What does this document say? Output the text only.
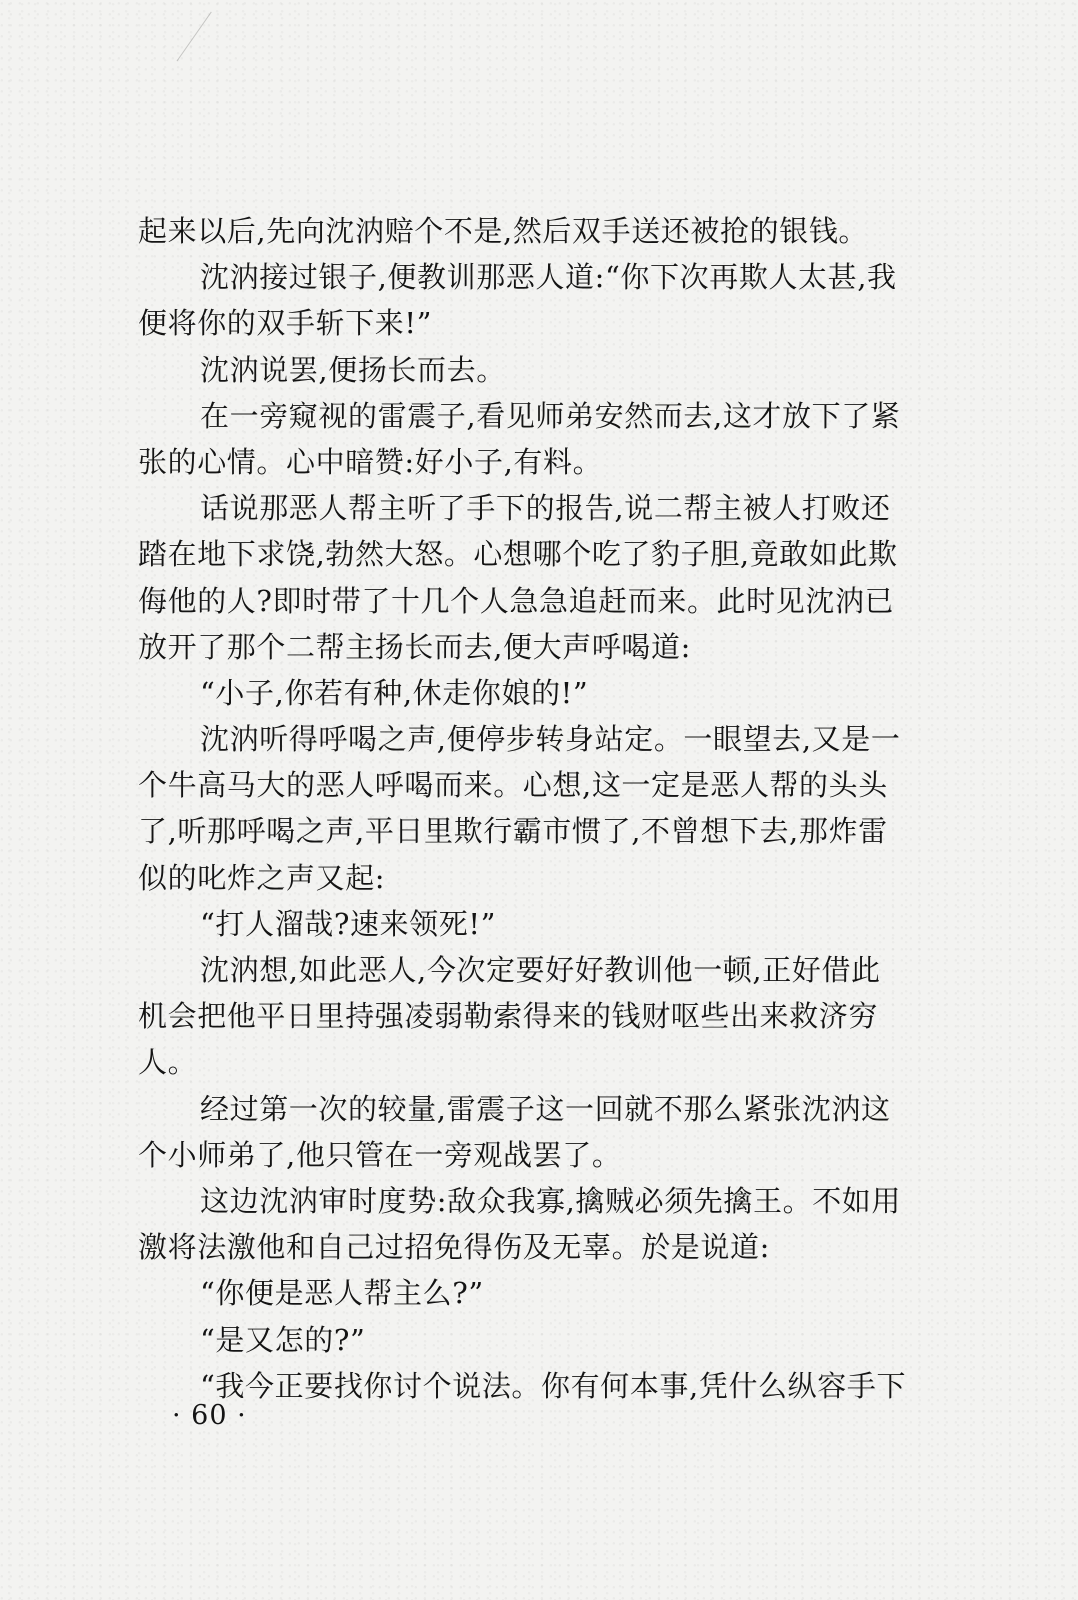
起来以后,先向沈汭赔个不是,然后双手送还被抢的银钱。
沈汭接过银子,便教训那恶人道:“你下次再欺人太甚,我
便将你的双手斩下来!”
沈汭说罢,便扬长而去。
在一旁窥视的雷震子,看见师弟安然而去,这才放下了紧
张的心情。心中暗赞:好小子,有料。
话说那恶人帮主听了手下的报告,说二帮主被人打败还
踏在地下求饶,勃然大怒。心想哪个吃了豹子胆,竟敢如此欺
侮他的人?即时带了十几个人急急追赶而来。此时见沈汭已
放开了那个二帮主扬长而去,便大声呼喝道:
“小子,你若有种,休走你娘的!”
沈汭听得呼喝之声,便停步转身站定。一眼望去,又是一
个牛高马大的恶人呼喝而来。心想,这一定是恶人帮的头头
了,听那呼喝之声,平日里欺行霸市惯了,不曾想下去,那炸雷
似的叱炸之声又起:
“打人溜哉?速来领死!”
沈汭想,如此恶人,今次定要好好教训他一顿,正好借此
机会把他平日里持强凌弱勒索得来的钱财呕些出来救济穷
人。
经过第一次的较量,雷震子这一回就不那么紧张沈汭这
个小师弟了,他只管在一旁观战罢了。
这边沈汭审时度势:敌众我寡,擒贼必须先擒王。不如用
激将法激他和自己过招免得伤及无辜。於是说道:
“你便是恶人帮主么?”
“是又怎的?”
“我今正要找你讨个说法。你有何本事,凭什么纵容手下
· 60 ·
